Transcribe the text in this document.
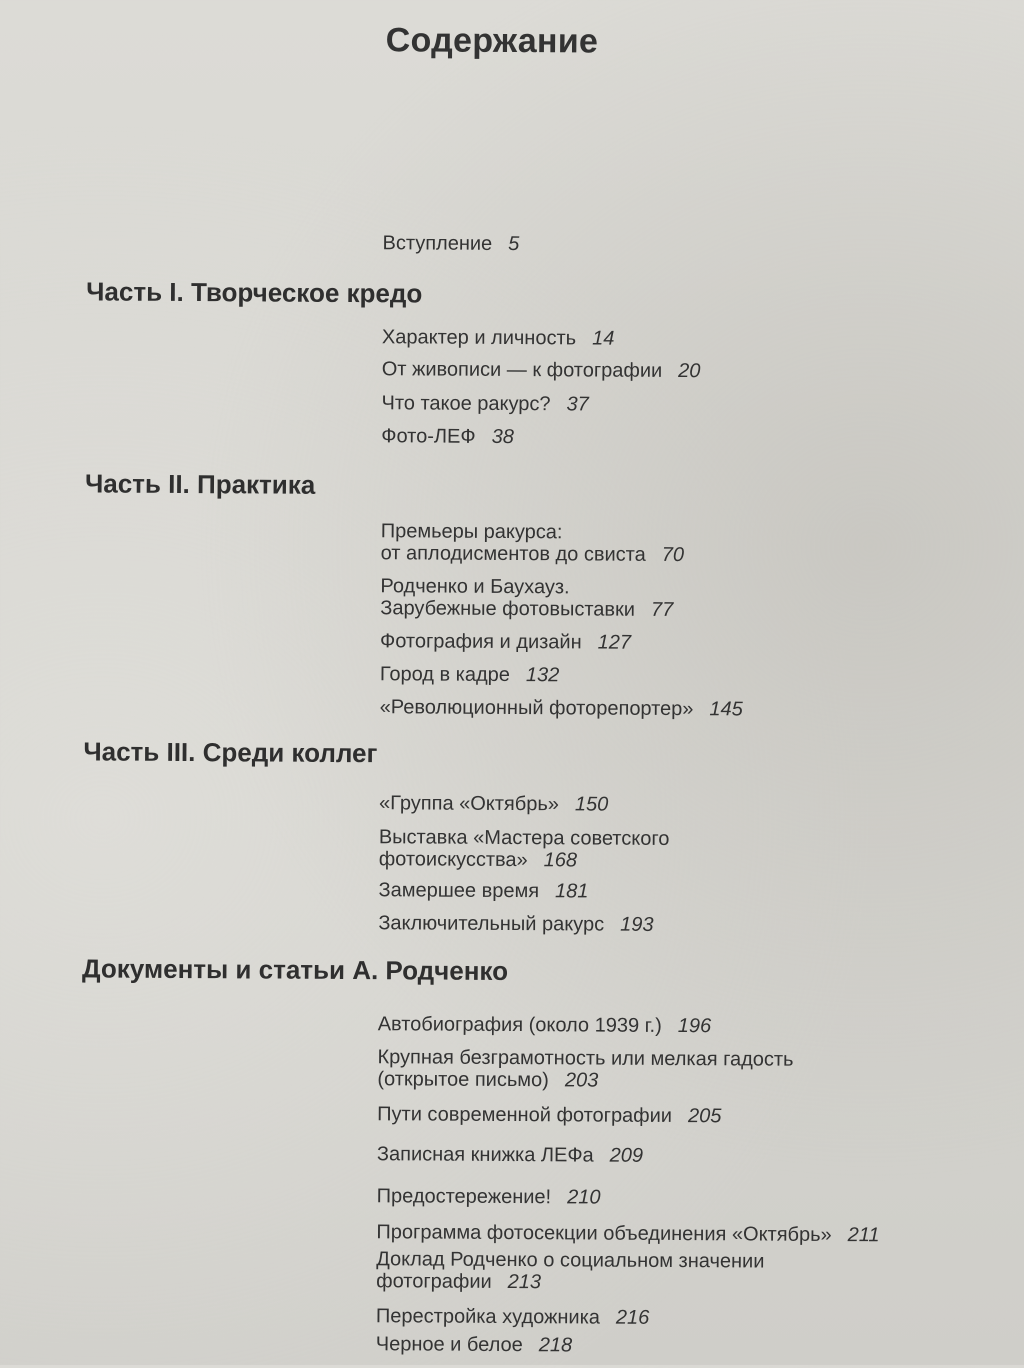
Содержание
Вступление 5
Часть I. Творческое кредо
Характер и личность 14
От живописи — к фотографии 20
Что такое ракурс? 37
Фото-ЛЕФ 38
Часть II. Практика
Премьеры ракурса:
от аплодисментов до свиста 70
Родченко и Баухауз.
Зарубежные фотовыставки 77
Фотография и дизайн 127
Город в кадре 132
«Революционный фоторепортер» 145
Часть III. Среди коллег
«Группа «Октябрь» 150
Выставка «Мастера советского
фотоискусства» 168
Замершее время 181
Заключительный ракурс 193
Документы и статьи А. Родченко
Автобиография (около 1939 г.) 196
Крупная безграмотность или мелкая гадость
(открытое письмо) 203
Пути современной фотографии 205
Записная книжка ЛЕФа 209
Предостережение! 210
Программа фотосекции объединения «Октябрь» 211
Доклад Родченко о социальном значении
фотографии 213
Перестройка художника 216
Черное и белое 218
